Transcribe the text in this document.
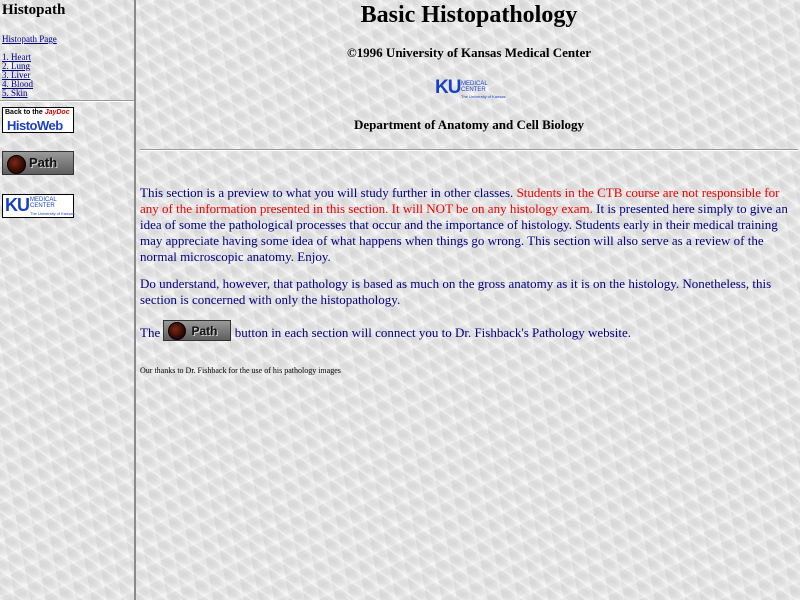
Histopath
Histopath Page
1. Heart
2. Lung
3. Liver
4. Blood
5. Skin
Back to the JayDoc
HistoWeb
Path
KU MEDICAL
CENTER
The University of Kansas
Basic Histopathology
©1996 University of Kansas Medical Center
KU MEDICAL
CENTER
The University of Kansas
Department of Anatomy and Cell Biology

This section is a preview to what you will study further in other classes. Students in the CTB course are not responsible for any of the information presented in this section. It will NOT be on any histology exam. It is presented here simply to give an idea of some the pathological processes that occur and the importance of histology. Students early in their medical training may appreciate having some idea of what happens when things go wrong. This section will also serve as a review of the normal microscopic anatomy. Enjoy.

Do understand, however, that pathology is based as much on the gross anatomy as it is on the histology. Nonetheless, this section is concerned with only the histopathology.

The	Path button in each section will connect you to Dr. Fishback's Pathology website.

Our thanks to Dr. Fishback for the use of his pathology images
